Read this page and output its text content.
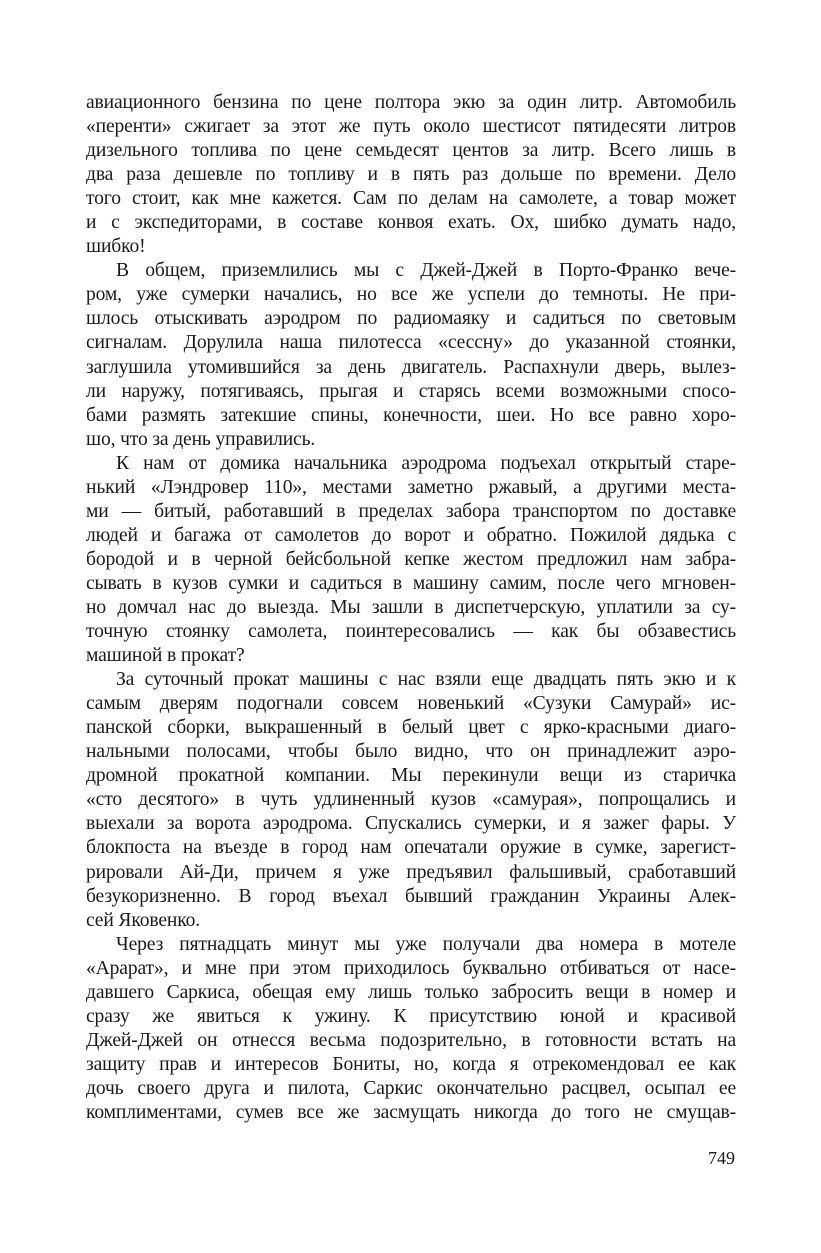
авиационного бензина по цене полтора экю за один литр. Автомобиль
«перенти» сжигает за этот же путь около шестисот пятидесяти литров
дизельного топлива по цене семьдесят центов за литр. Всего лишь в
два раза дешевле по топливу и в пять раз дольше по времени. Дело
того стоит, как мне кажется. Сам по делам на самолете, а товар может
и с экспедиторами, в составе конвоя ехать. Ох, шибко думать надо,
шибко!
В общем, приземлились мы с Джей-Джей в Порто-Франко вече-
ром, уже сумерки начались, но все же успели до темноты. Не при-
шлось отыскивать аэродром по радиомаяку и садиться по световым
сигналам. Дорулила наша пилотесса «сессну» до указанной стоянки,
заглушила утомившийся за день двигатель. Распахнули дверь, вылез-
ли наружу, потягиваясь, прыгая и старясь всеми возможными спосо-
бами размять затекшие спины, конечности, шеи. Но все равно хоро-
шо, что за день управились.
К нам от домика начальника аэродрома подъехал открытый старе-
нький «Лэндровер 110», местами заметно ржавый, а другими места-
ми — битый, работавший в пределах забора транспортом по доставке
людей и багажа от самолетов до ворот и обратно. Пожилой дядька с
бородой и в черной бейсбольной кепке жестом предложил нам забра-
сывать в кузов сумки и садиться в машину самим, после чего мгновен-
но домчал нас до выезда. Мы зашли в диспетчерскую, уплатили за су-
точную стоянку самолета, поинтересовались — как бы обзавестись
машиной в прокат?
За суточный прокат машины с нас взяли еще двадцать пять экю и к
самым дверям подогнали совсем новенький «Сузуки Самурай» ис-
панской сборки, выкрашенный в белый цвет с ярко-красными диаго-
нальными полосами, чтобы было видно, что он принадлежит аэро-
дромной прокатной компании. Мы перекинули вещи из старичка
«сто десятого» в чуть удлиненный кузов «самурая», попрощались и
выехали за ворота аэродрома. Спускались сумерки, и я зажег фары. У
блокпоста на въезде в город нам опечатали оружие в сумке, зарегист-
рировали Ай-Ди, причем я уже предъявил фальшивый, сработавший
безукоризненно. В город въехал бывший гражданин Украины Алек-
сей Яковенко.
Через пятнадцать минут мы уже получали два номера в мотеле
«Арарат», и мне при этом приходилось буквально отбиваться от насе-
давшего Саркиса, обещая ему лишь только забросить вещи в номер и
сразу же явиться к ужину. К присутствию юной и красивой
Джей-Джей он отнесся весьма подозрительно, в готовности встать на
защиту прав и интересов Бониты, но, когда я отрекомендовал ее как
дочь своего друга и пилота, Саркис окончательно расцвел, осыпал ее
комплиментами, сумев все же засмущать никогда до того не смущав-
749
